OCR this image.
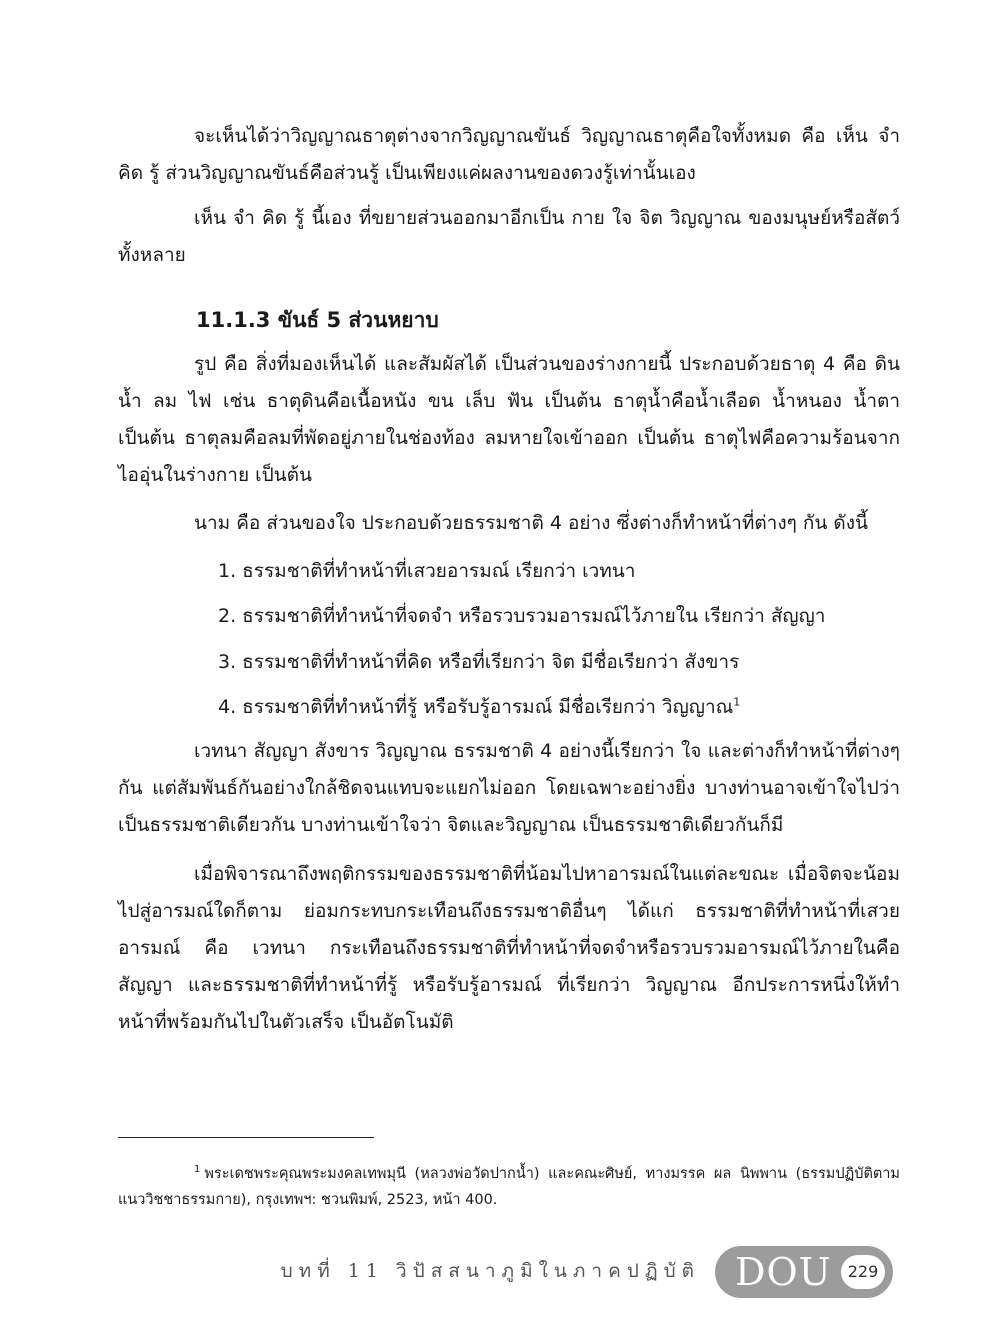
จะเห็นได้ว่าวิญญาณธาตุต่างจากวิญญาณขันธ์ วิญญาณธาตุคือใจทั้งหมด คือ เห็น จำ คิด รู้ ส่วนวิญญาณขันธ์คือส่วนรู้ เป็นเพียงแค่ผลงานของดวงรู้เท่านั้นเอง

เห็น จำ คิด รู้ นี้เอง ที่ขยายส่วนออกมาอีกเป็น กาย ใจ จิต วิญญาณ ของมนุษย์หรือสัตว์ทั้งหลาย

11.1.3 ขันธ์ 5 ส่วนหยาบ

รูป คือ สิ่งที่มองเห็นได้ และสัมผัสได้ เป็นส่วนของร่างกายนี้ ประกอบด้วยธาตุ 4 คือ ดิน น้ำ ลม ไฟ เช่น ธาตุดินคือเนื้อหนัง ขน เล็บ ฟัน เป็นต้น ธาตุน้ำคือน้ำเลือด น้ำหนอง น้ำตา เป็นต้น ธาตุลมคือลมที่พัดอยู่ภายในช่องท้อง ลมหายใจเข้าออก เป็นต้น ธาตุไฟคือความร้อนจากไออุ่นในร่างกาย เป็นต้น

นาม คือ ส่วนของใจ ประกอบด้วยธรรมชาติ 4 อย่าง ซึ่งต่างก็ทำหน้าที่ต่างๆ กัน ดังนี้

1. ธรรมชาติที่ทำหน้าที่เสวยอารมณ์ เรียกว่า เวทนา

2. ธรรมชาติที่ทำหน้าที่จดจำ หรือรวบรวมอารมณ์ไว้ภายใน เรียกว่า สัญญา

3. ธรรมชาติที่ทำหน้าที่คิด หรือที่เรียกว่า จิต มีชื่อเรียกว่า สังขาร

4. ธรรมชาติที่ทำหน้าที่รู้ หรือรับรู้อารมณ์ มีชื่อเรียกว่า วิญญาณ$^1$

เวทนา สัญญา สังขาร วิญญาณ ธรรมชาติ 4 อย่างนี้เรียกว่า ใจ และต่างก็ทำหน้าที่ต่างๆ กัน แต่สัมพันธ์กันอย่างใกล้ชิดจนแทบจะแยกไม่ออก โดยเฉพาะอย่างยิ่ง บางท่านอาจเข้าใจไปว่าเป็นธรรมชาติเดียวกัน บางท่านเข้าใจว่า จิตและวิญญาณ เป็นธรรมชาติเดียวกันก็มี

เมื่อพิจารณาถึงพฤติกรรมของธรรมชาติที่น้อมไปหาอารมณ์ในแต่ละขณะ เมื่อจิตจะน้อมไปสู่อารมณ์ใดก็ตาม ย่อมกระทบกระเทือนถึงธรรมชาติอื่นๆ ได้แก่ ธรรมชาติที่ทำหน้าที่เสวยอารมณ์ คือ เวทนา กระเทือนถึงธรรมชาติที่ทำหน้าที่จดจำหรือรวบรวมอารมณ์ไว้ภายในคือ สัญญา และธรรมชาติที่ทำหน้าที่รู้ หรือรับรู้อารมณ์ ที่เรียกว่า วิญญาณ อีกประการหนึ่งให้ทำหน้าที่พร้อมกันไปในตัวเสร็จ เป็นอัตโนมัติ

$^1$ พระเดชพระคุณพระมงคลเทพมุนี (หลวงพ่อวัดปากน้ำ) และคณะศิษย์, ทางมรรค ผล นิพพาน (ธรรมปฏิบัติตามแนววิชชาธรรมกาย), กรุงเทพฯ: ชวนพิมพ์, 2523, หน้า 400.

บทที่ 11 วิปัสสนาภูมิในภาคปฏิบัติ DOU	229
